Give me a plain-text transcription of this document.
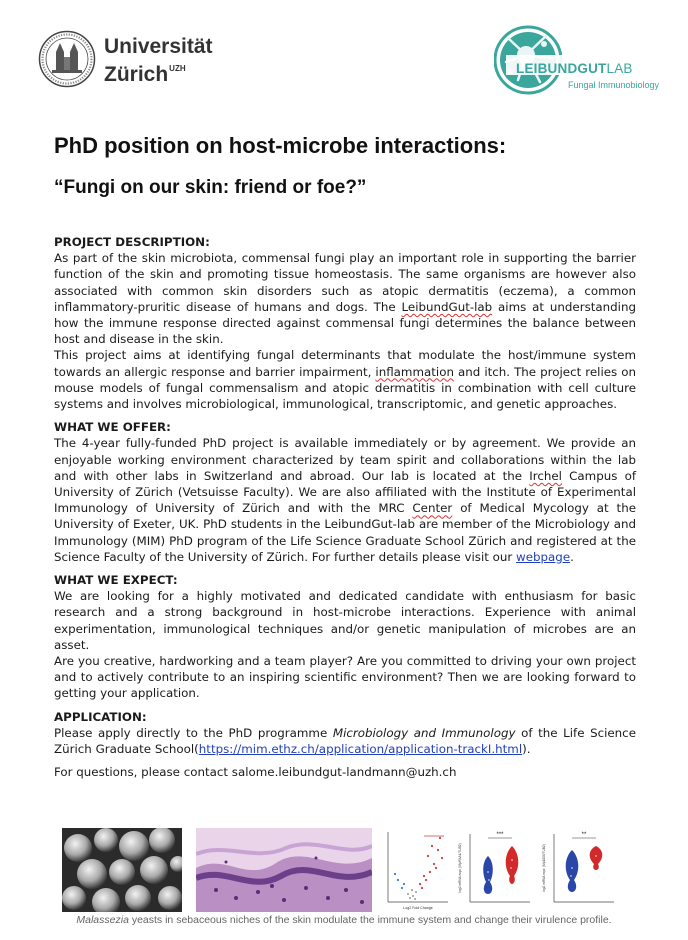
Universität
Zürich$^{UZH}$	LEIBUNDGUTLAB
Fungal Immunobiology
PhD position on host-microbe interactions:
“Fungi on our skin: friend or foe?”

PROJECT DESCRIPTION:

As part of the skin microbiota, commensal fungi play an important role in supporting the barrier function of the skin and promoting tissue homeostasis. The same organisms are however also associated with common skin disorders such as atopic dermatitis (eczema), a common inflammatory-pruritic disease of humans and dogs. The LeibundGut-lab aims at understanding how the immune response directed against commensal fungi determines the balance between host and disease in the skin.

This project aims at identifying fungal determinants that modulate the host/immune system towards an allergic response and barrier impairment, inflammation and itch. The project relies on mouse models of fungal commensalism and atopic dermatitis in combination with cell culture systems and involves microbiological, immunological, transcriptomic, and genetic approaches.

WHAT WE OFFER:

The 4-year fully-funded PhD project is available immediately or by agreement. We provide an enjoyable working environment characterized by team spirit and collaborations within the lab and with other labs in Switzerland and abroad. Our lab is located at the Irchel Campus of University of Zürich (Vetsuisse Faculty). We are also affiliated with the Institute of Experimental Immunology of University of Zürich and with the MRC Center of Medical Mycology at the University of Exeter, UK. PhD students in the LeibundGut-lab are member of the Microbiology and Immunology (MIM) PhD program of the Life Science Graduate School Zürich and registered at the Science Faculty of the University of Zürich. For further details please visit our webpage.

WHAT WE EXPECT:

We are looking for a highly motivated and dedicated candidate with enthusiasm for basic research and a strong background in host-microbe interactions. Experience with animal experimentation, immunological techniques and/or genetic manipulation of microbes are an asset.

Are you creative, hardworking and a team player? Are you committed to driving your own project and to actively contribute to an inspiring scientific environment? Then we are looking forward to getting your application.

APPLICATION:

Please apply directly to the PhD programme Microbiology and Immunology of the Life Science Zürich Graduate School(https://mim.ethz.ch/application/application-trackI.html).

For questions, please contact salome.leibundgut-landmann@uzh.ch

Log2 Fold Change
log2 mRNA expr. (Mp/FAA1/TUB2)
***
log2 mRNA expr. (Mp1009/TUB2)
**

Malassezia yeasts in sebaceous niches of the skin modulate the immune system and change their virulence profile.
